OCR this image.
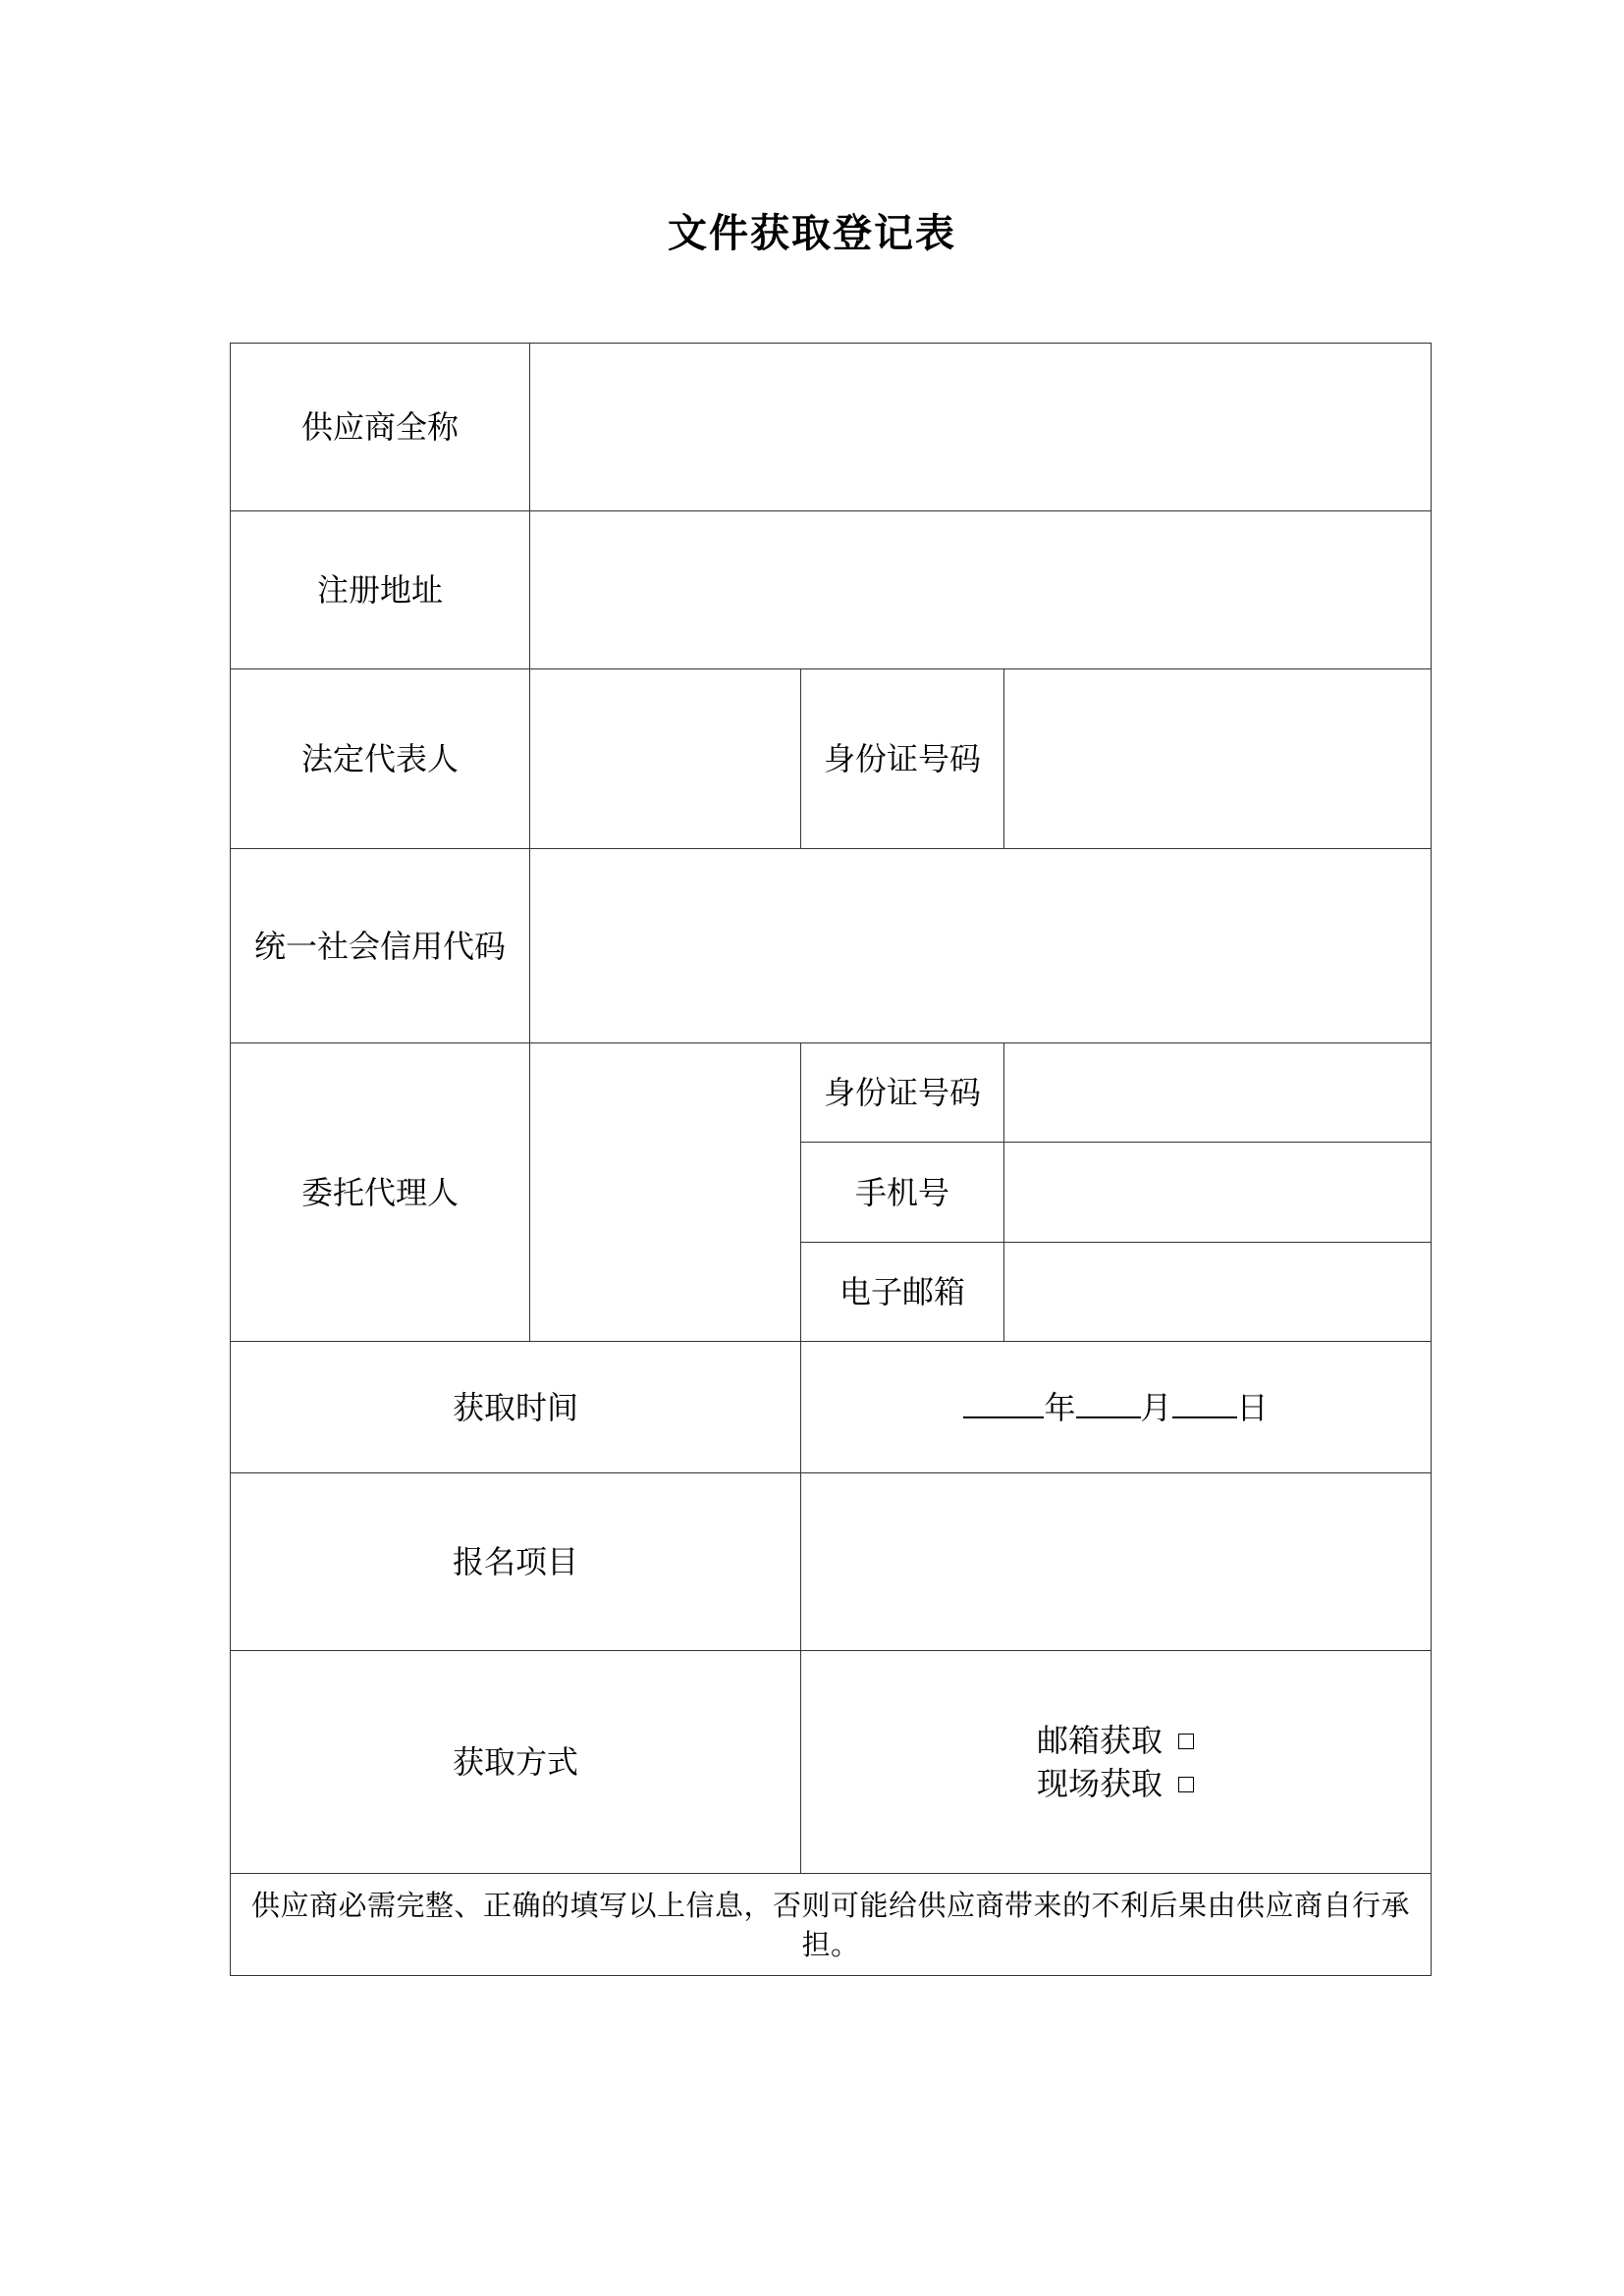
文件获取登记表
供应商全称			
注册地址			
法定代表人		身份证号码	
统一社会信用代码			
委托代理人		身份证号码	
		手机号	
		电子邮箱	
获取时间		年 月 日	
报名项目			
获取方式		邮箱获取
现场获取	

供应商必需完整、正确的填写以上信息，否则可能给供应商带来的不利后果由供应商自行承担。			
